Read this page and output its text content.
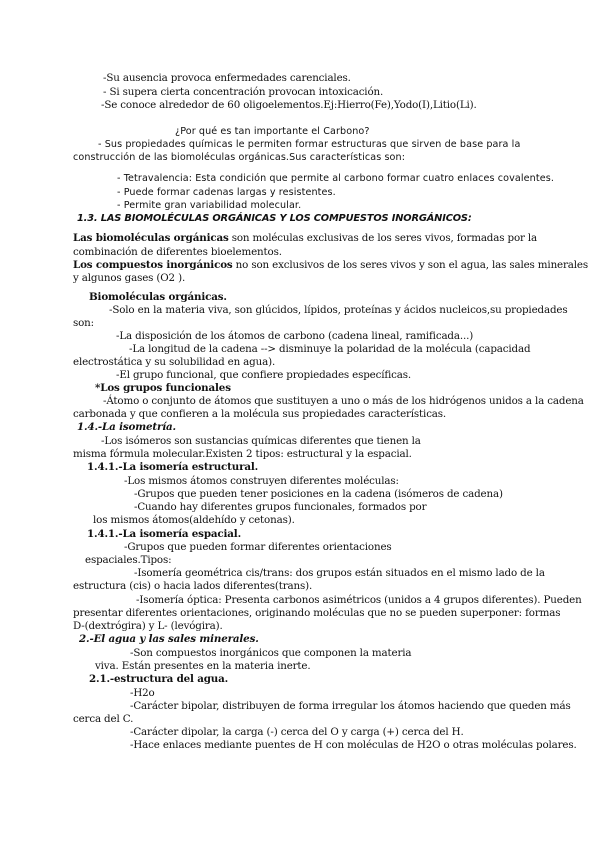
-Su ausencia provoca enfermedades carenciales.
- Si supera cierta concentración provocan intoxicación.
-Se conoce alrededor de 60 oligoelementos.Ej:Hierro(Fe),Yodo(I),Litio(Li).
¿Por qué es tan importante el Carbono?
- Sus propiedades químicas le permiten formar estructuras que sirven de base para la
construcción de las biomoléculas orgánicas.Sus características son:
- Tetravalencia: Esta condición que permite al carbono formar cuatro enlaces covalentes.
- Puede formar cadenas largas y resistentes.
- Permite gran variabilidad molecular.
1.3. LAS BIOMOLÉCULAS ORGÁNICAS Y LOS COMPUESTOS INORGÁNICOS:
Las biomoléculas orgánicas son moléculas exclusivas de los seres vivos, formadas por la
combinación de diferentes bioelementos.
Los compuestos inorgánicos no son exclusivos de los seres vivos y son el agua, las sales minerales
y algunos gases (O2 ).
Biomoléculas orgánicas.
-Solo en la materia viva, son glúcidos, lípidos, proteínas y ácidos nucleicos,su propiedades
son:
-La disposición de los átomos de carbono (cadena lineal, ramificada...)
-La longitud de la cadena --> disminuye la polaridad de la molécula (capacidad
electrostática y su solubilidad en agua).
-El grupo funcional, que confiere propiedades específicas.
*Los grupos funcionales
-Átomo o conjunto de átomos que sustituyen a uno o más de los hidrógenos unidos a la cadena
carbonada y que confieren a la molécula sus propiedades características.
1.4.-La isometría.
-Los isómeros son sustancias químicas diferentes que tienen la
misma fórmula molecular.Existen 2 tipos: estructural y la espacial.
1.4.1.-La isomería estructural.
-Los mismos átomos construyen diferentes moléculas:
-Grupos que pueden tener posiciones en la cadena (isómeros de cadena)
-Cuando hay diferentes grupos funcionales, formados por
los mismos átomos(aldehído y cetonas).
1.4.1.-La isomería espacial.
-Grupos que pueden formar diferentes orientaciones
espaciales.Tipos:
-Isomería geométrica cis/trans: dos grupos están situados en el mismo lado de la
estructura (cis) o hacia lados diferentes(trans).
-Isomería óptica: Presenta carbonos asimétricos (unidos a 4 grupos diferentes). Pueden
presentar diferentes orientaciones, originando moléculas que no se pueden superponer: formas
D-(dextrógira) y L- (levógira).
2.-El agua y las sales minerales.
-Son compuestos inorgánicos que componen la materia
viva. Están presentes en la materia inerte.
2.1.-estructura del agua.
-H2o
-Carácter bipolar, distribuyen de forma irregular los átomos haciendo que queden más
cerca del C.
-Carácter dipolar, la carga (-) cerca del O y carga (+) cerca del H.
-Hace enlaces mediante puentes de H con moléculas de H2O o otras moléculas polares.
